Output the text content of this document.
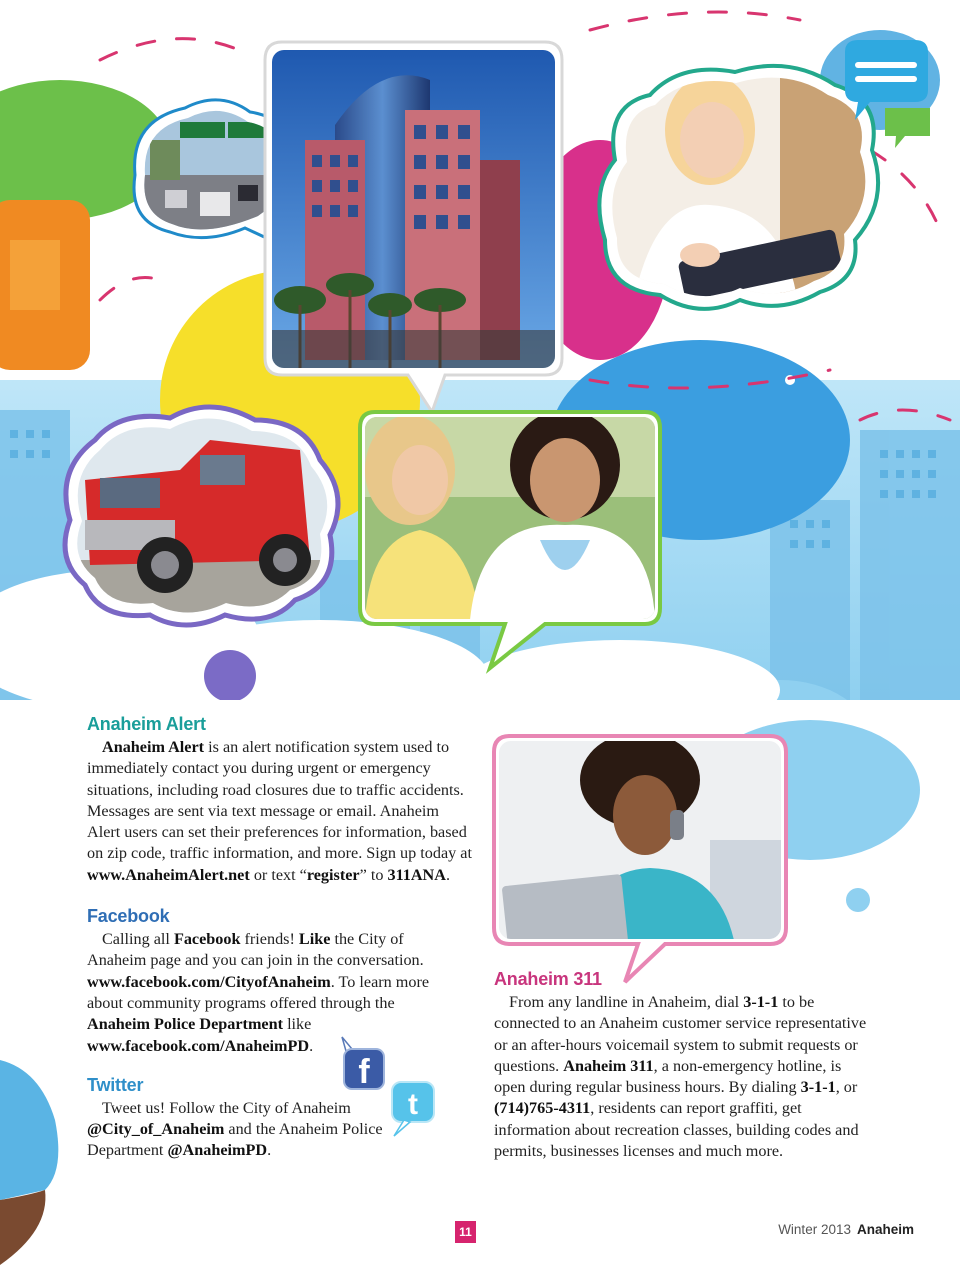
Anaheim Alert

Anaheim Alert is an alert notification system used to immediately contact you during urgent or emergency situations, including road closures due to traffic accidents. Messages are sent via text message or email. Anaheim Alert users can set their preferences for information, based on zip code, traffic information, and more. Sign up today at www.AnaheimAlert.net or text “register” to 311ANA.

Facebook

Calling all Facebook friends! Like the City of Anaheim page and you can join in the conversation. www.facebook.com/CityofAnaheim. To learn more about community programs offered through the Anaheim Police Department like www.facebook.com/AnaheimPD.

Twitter

Tweet us! Follow the City of Anaheim @City_of_Anaheim and the Anaheim Police Department @AnaheimPD.

f
t
Anaheim 311

From any landline in Anaheim, dial 3-1-1 to be connected to an Anaheim customer service representative or an after-hours voicemail system to submit requests or questions. Anaheim 311, a non-emergency hotline, is open during regular business hours. By dialing 3-1-1, or (714)765-4311, residents can report graffiti, get information about recreation classes, building codes and permits, businesses licenses and much more.

11	Winter 2013 Anaheim
